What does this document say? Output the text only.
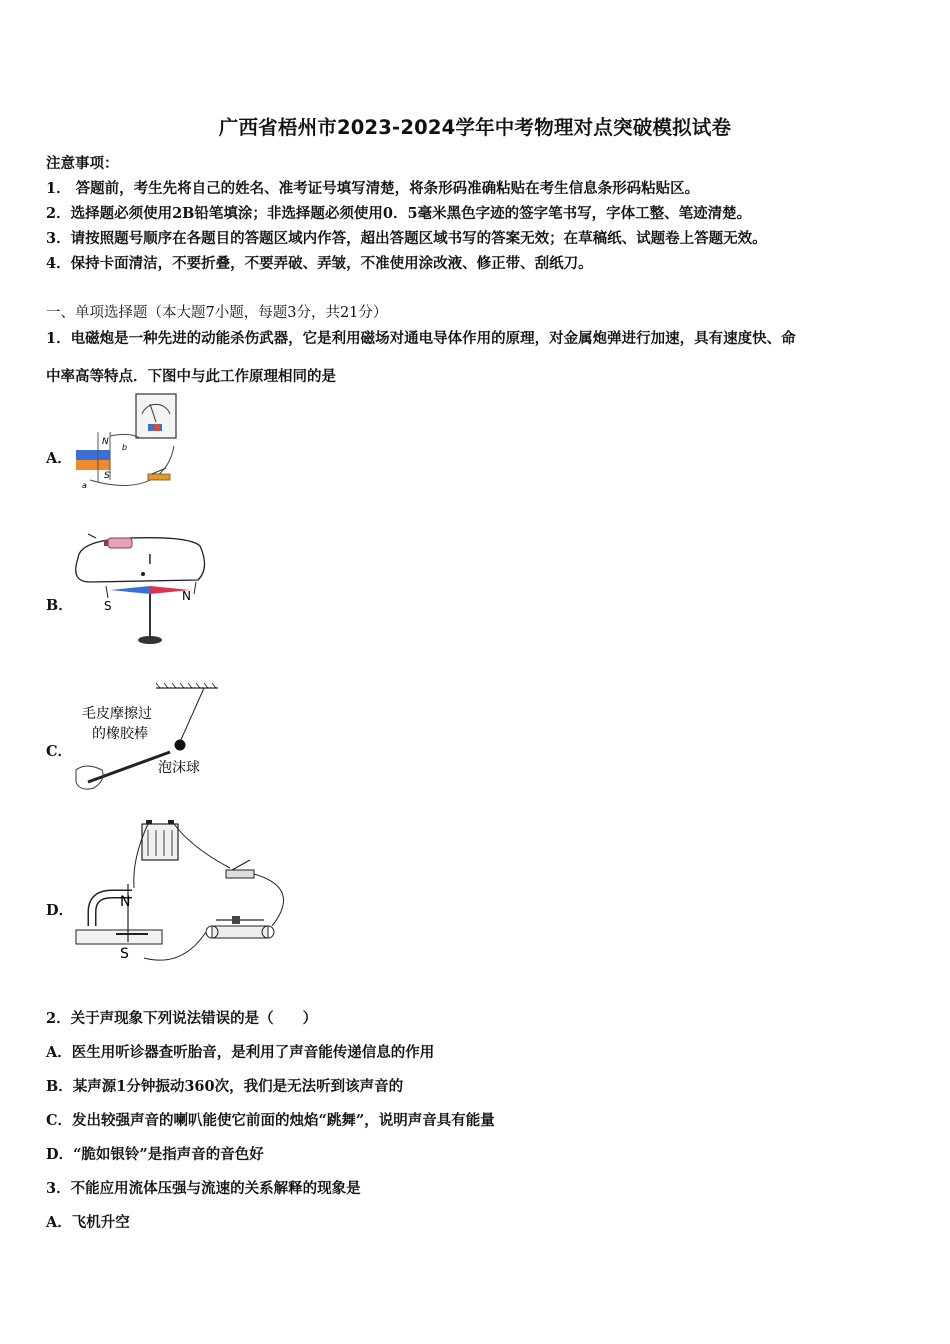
广西省梧州市2023-2024学年中考物理对点突破模拟试卷
注意事项：
1． 答题前，考生先将自己的姓名、准考证号填写清楚，将条形码准确粘贴在考生信息条形码粘贴区。
2．选择题必须使用2B铅笔填涂；非选择题必须使用0．5毫米黑色字迹的签字笔书写，字体工整、笔迹清楚。
3．请按照题号顺序在各题目的答题区域内作答，超出答题区域书写的答案无效；在草稿纸、试题卷上答题无效。
4．保持卡面清洁，不要折叠，不要弄破、弄皱，不准使用涂改液、修正带、刮纸刀。
一、单项选择题（本大题7小题，每题3分，共21分）
1．电磁炮是一种先进的动能杀伤武器，它是利用磁场对通电导体作用的原理，对金属炮弹进行加速，具有速度快、命
中率高等特点．下图中与此工作原理相同的是
A．
N
S
a
b
B．
I
S
N
C．
毛皮摩擦过
的橡胶棒
泡沫球
D．	N
S
2．关于声现象下列说法错误的是（　　）
A．医生用听诊器查听胎音，是利用了声音能传递信息的作用
B．某声源1分钟振动360次，我们是无法听到该声音的
C．发出较强声音的喇叭能使它前面的烛焰“跳舞”，说明声音具有能量
D．“脆如银铃”是指声音的音色好
3．不能应用流体压强与流速的关系解释的现象是
A．飞机升空
